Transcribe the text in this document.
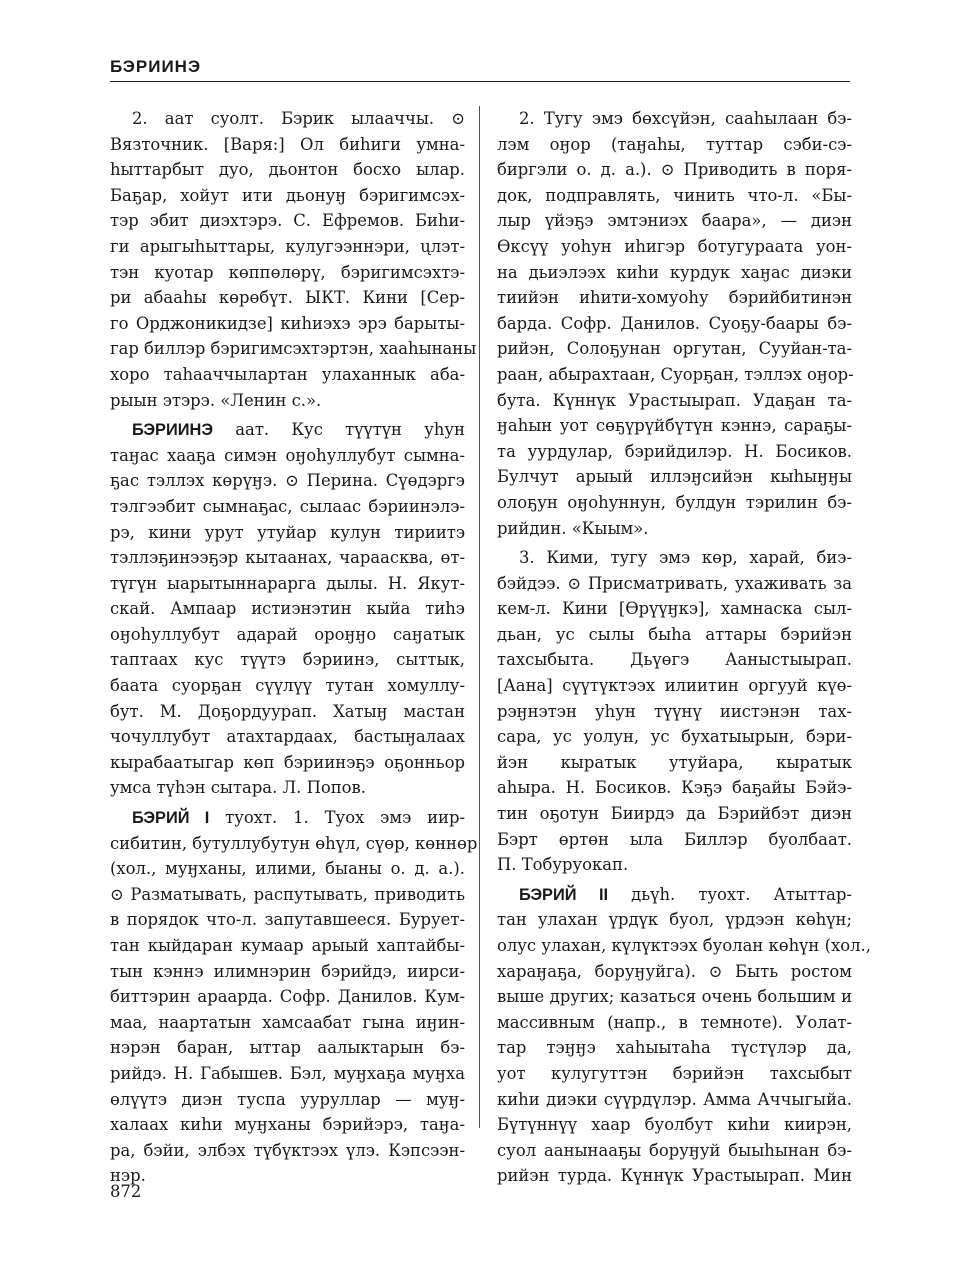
БЭРИИНЭ
2. аат суолт. Бэрик ылааччы. ⊙
Вязточник. [Варя:] Ол биһиги умна-
һыттарбыт дуо, дьонтон босхо ылар.
Баҕар, хойут ити дьонуӈ бэригимсэх-
тэр эбит диэхтэрэ. С. Ефремов. Биһи-
ги арыгыһыттары, кулугээннэри, ųлэт-
тэн куотар көппөлөрү, бэригимсэхтэ-
ри абааһы көрөбүт. ЫКТ. Кини [Сер-
го Орджоникидзе] киһиэхэ эрэ барыты-
гар биллэр бэригимсэхтэртэн, хааһынаны
хоро таһааччылартан улаханнык аба-
рыын этэрэ. «Ленин с.».
БЭРИИНЭ аат. Кус түүтүн уһун
таӈас хааҕа симэн оӈоһуллубут сымна-
ҕас тэллэх көрүӈэ. ⊙ Перина. Сүөдэргэ
тэлгээбит сымнаҕас, сылаас бэриинэлэ-
рэ, кини урут утуйар кулун тириитэ
тэллэҕинээҕэр кытаанах, чараасква, өт-
түгүн ыарытыннарарга дылы. Н. Якут-
скай. Ампаар истиэнэтин кыйа тиһэ
оӈоһуллубут адарай ороӈӈо саӈатык
таптаах кус түүтэ бэриинэ, сыттык,
баата суорҕан сүүлүү тутан хомуллу-
бут. М. Доҕордуурап. Хатыӈ мастан
чочуллубут атахтардаах, бастыӈалаах
кырабаатыгар көп бэриинэҕэ оҕонньор
умса түһэн сытара. Л. Попов.
БЭРИЙ I туохт. 1. Туох эмэ иир-
сибитин, бутуллубутун өһүл, сүөр, көннөр
(хол., муӈханы, илими, быаны о. д. а.).
⊙ Разматывать, распутывать, приводить
в порядок что-л. запутавшееся. Бурует-
тан кыйдаран кумаар арыый хаптайбы-
тын кэннэ илимнэрин бэрийдэ, иирси-
биттэрин араарда. Софр. Данилов. Кум-
маа, наартатын хамсаабат гына иӈин-
нэрэн баран, ыттар аалыктарын бэ-
рийдэ. Н. Габышев. Бэл, муӈхаҕа муӈха
өлүүтэ диэн туспа ууруллар — муӈ-
халаах киһи муӈханы бэрийэрэ, таӈа-
ра, бэйи, элбэх түбүктээх үлэ. Кэпсээн-
нэр.
2. Тугу эмэ бөхсүйэн, сааһылаан бэ-
лэм оӈор (таӈаһы, туттар сэби-сэ-
биргэли о. д. а.). ⊙ Приводить в поря-
док, подправлять, чинить что-л. «Бы-
лыр үйэҕэ эмтэниэх баара», — диэн
Өксүү уоһун иһигэр ботугураата уон-
на дьиэлээх киһи курдук хаӈас диэки
тиийэн иһити-хомуоһу бэрийбитинэн
барда. Софр. Данилов. Суоҕу-баары бэ-
рийэн, Солоҕунан оргутан, Сууйан-та-
раан, абырахтаан, Суорҕан, тэллэх оӈор-
бута. Күннүк Урастыырап. Удаҕан та-
ӈаһын уот сөҕүрүйбүтүн кэннэ, сараҕы-
та уурдулар, бэрийдилэр. Н. Босиков.
Булчут арыый иллэӈсийэн кыһыӈӈы
олоҕун оӈоһуннун, булдун тэрилин бэ-
рийдин. «Кыым».
3. Кими, тугу эмэ көр, харай, биэ-
бэйдээ. ⊙ Присматривать, ухаживать за
кем-л. Кини [Өрүүӈкэ], хамнаска сыл-
дьан, ус сылы быһа аттары бэрийэн
тахсыбыта. Дьүөгэ Ааныстыырап.
[Аана] сүүтүктээх илиитин оргууй күө-
рэӈнэтэн уһун түүнү иистэнэн тах-
сара, ус уолун, ус бухатыырын, бэри-
йэн кыратык утуйара, кыратык
аһыра. Н. Босиков. Кэҕэ баҕайы Бэйэ-
тин оҕотун Биирдэ да Бэрийбэт диэн
Бэрт өртөн ыла Биллэр буолбаат.
П. Тобуруокап.
БЭРИЙ II дьүһ. туохт. Атыттар-
тан улахан үрдүк буол, үрдээн көһүн;
олус улахан, күлүктээх буолан көһүн (хол.,
хараӈаҕа, боруӈуйга). ⊙ Быть ростом
выше других; казаться очень большим и
массивным (напр., в темноте). Уолат-
тар тэӈӈэ хаһыытаһа түстүлэр да,
уот кулугуттэн бэрийэн тахсыбыт
киһи диэки сүүрдүлэр. Амма Аччыгыйа.
Бүтүннүү хаар буолбут киһи киирэн,
суол аанынааҕы боруӈуй быыһынан бэ-
рийэн турда. Күннүк Урастыырап. Мин
872
